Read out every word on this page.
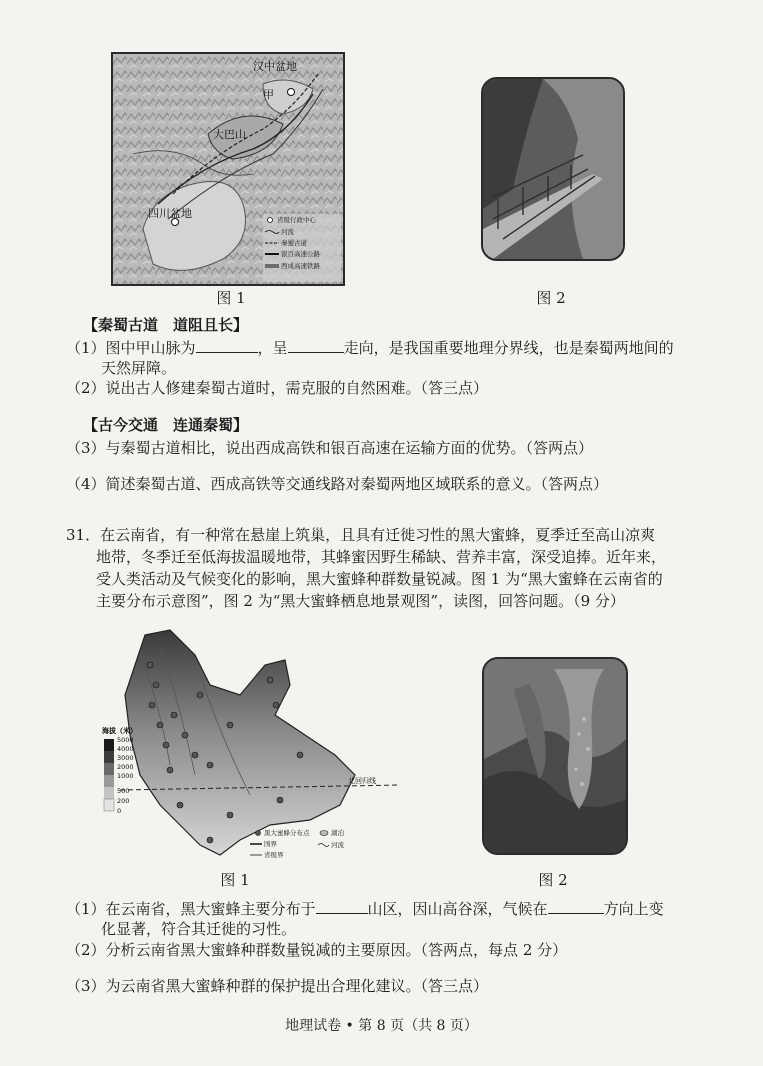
汉中盆地
甲
大巴山
四川盆地	省级行政中心
河流
秦蜀古道
银百高速公路
西成高速铁路
图 1	图 2
【秦蜀古道　道阻且长】
（1）图中甲山脉为	，呈	走向，是我国重要地理分界线，也是秦蜀两地间的
天然屏障。
（2）说出古人修建秦蜀古道时，需克服的自然困难。（答三点）
【古今交通　连通秦蜀】
（3）与秦蜀古道相比，说出西成高铁和银百高速在运输方面的优势。（答两点）
（4）简述秦蜀古道、西成高铁等交通线路对秦蜀两地区域联系的意义。（答两点）
31．在云南省，有一种常在悬崖上筑巢，且具有迁徙习性的黑大蜜蜂，夏季迁至高山凉爽
地带，冬季迁至低海拔温暖地带，其蜂蜜因野生稀缺、营养丰富，深受追捧。近年来，
受人类活动及气候变化的影响，黑大蜜蜂种群数量锐减。图 1 为“黑大蜜蜂在云南省的
主要分布示意图”，图 2 为“黑大蜜蜂栖息地景观图”，读图，回答问题。（9 分）
北回归线
海拔（米）
5000
4000
3000
2000
1000
500
200
0
黑大蜜蜂分布点	湖泊
国界	河流
省级界
图 1	图 2
（1）在云南省，黑大蜜蜂主要分布于	山区，因山高谷深，气候在	方向上变
化显著，符合其迁徙的习性。
（2）分析云南省黑大蜜蜂种群数量锐减的主要原因。（答两点，每点 2 分）
（3）为云南省黑大蜜蜂种群的保护提出合理化建议。（答三点）
地理试卷 • 第 8 页（共 8 页）
